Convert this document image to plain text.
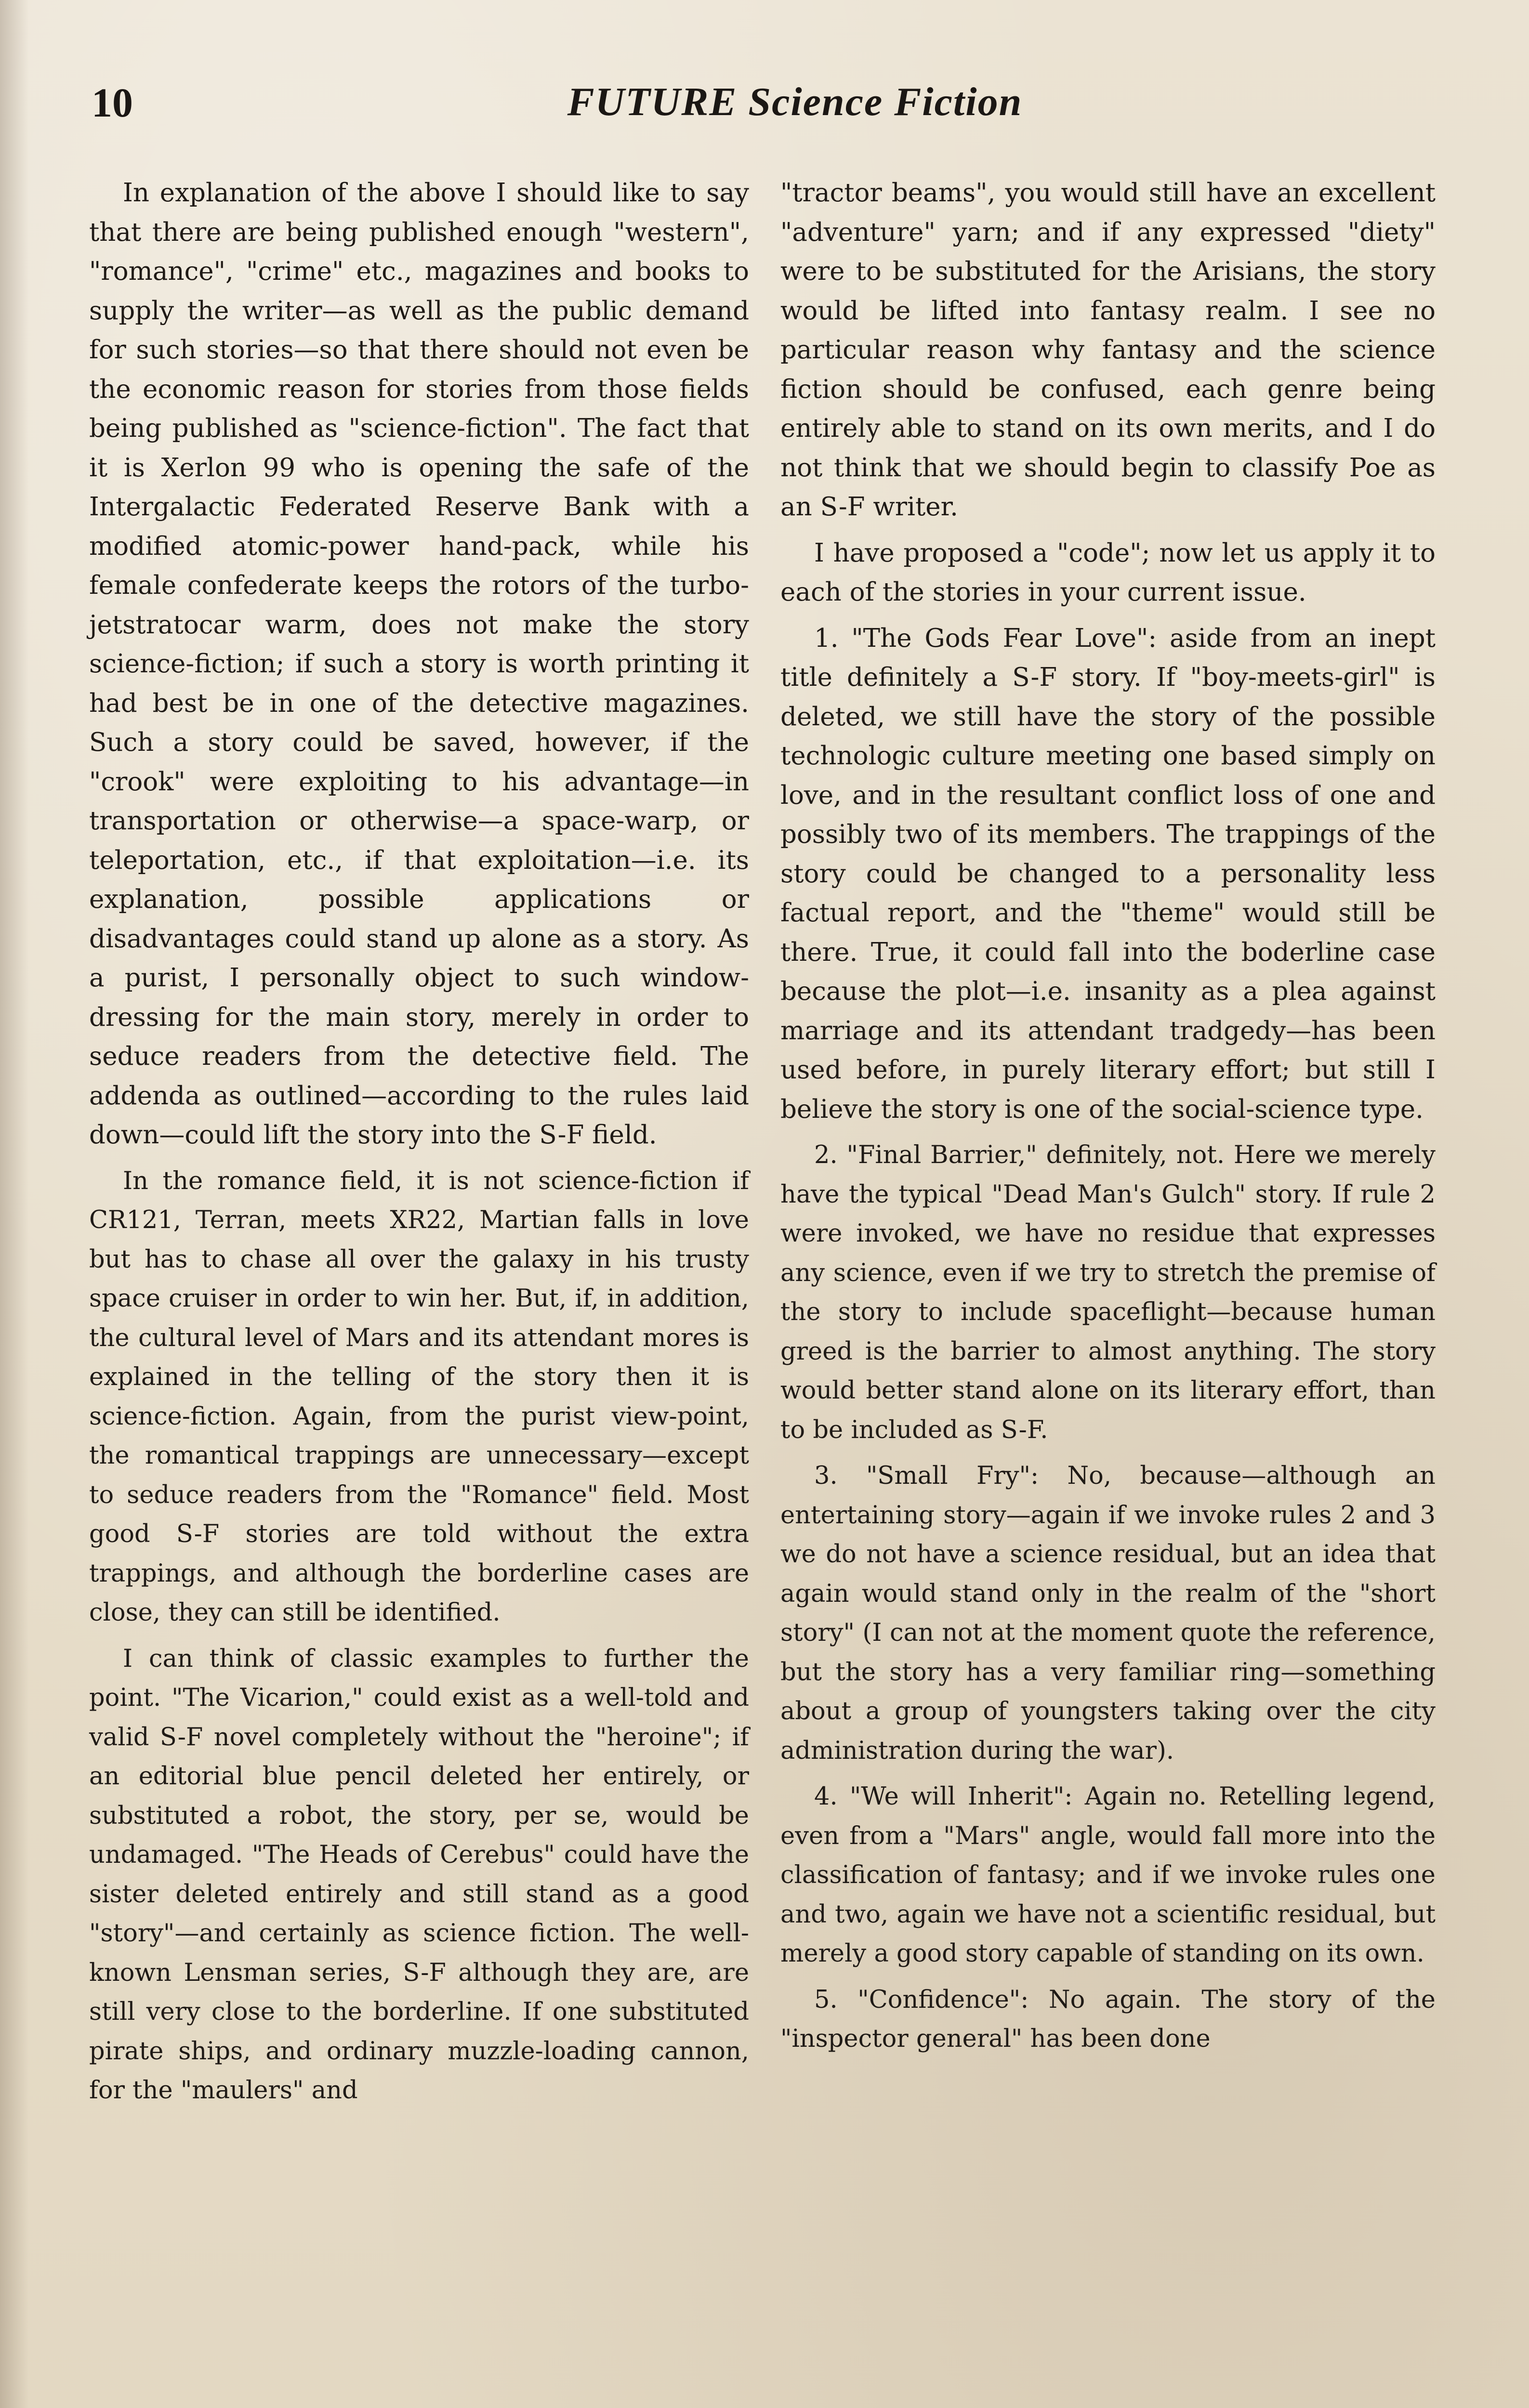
10	FUTURE Science Fiction

In explanation of the above I should like to say that there are being published enough "western", "romance", "crime" etc., magazines and books to supply the writer—as well as the public demand for such stories—so that there should not even be the economic reason for stories from those fields being published as "science-fiction". The fact that it is Xerlon 99 who is opening the safe of the Intergalactic Federated Reserve Bank with a modified atomic-power hand-pack, while his female confederate keeps the rotors of the turbo-jetstratocar warm, does not make the story science-fiction; if such a story is worth printing it had best be in one of the detective magazines. Such a story could be saved, however, if the "crook" were exploiting to his advantage—in transportation or otherwise—a space-warp, or teleportation, etc., if that exploitation—i.e. its explanation, possible applications or disadvantages could stand up alone as a story. As a purist, I personally object to such window-dressing for the main story, merely in order to seduce readers from the detective field. The addenda as outlined—according to the rules laid down—could lift the story into the S-F field.

In the romance field, it is not science-fiction if CR121, Terran, meets XR22, Martian falls in love but has to chase all over the galaxy in his trusty space cruiser in order to win her. But, if, in addition, the cultural level of Mars and its attendant mores is explained in the telling of the story then it is science-fiction. Again, from the purist view-point, the romantical trappings are unnecessary—except to seduce readers from the "Romance" field. Most good S-F stories are told without the extra trappings, and although the borderline cases are close, they can still be identified.

I can think of classic examples to further the point. "The Vicarion," could exist as a well-told and valid S-F novel completely without the "heroine"; if an editorial blue pencil deleted her entirely, or substituted a robot, the story, per se, would be undamaged. "The Heads of Cerebus" could have the sister deleted entirely and still stand as a good "story"—and certainly as science fiction. The well-known Lensman series, S-F although they are, are still very close to the borderline. If one substituted pirate ships, and ordinary muzzle-loading cannon, for the "maulers" and

"tractor beams", you would still have an excellent "adventure" yarn; and if any expressed "diety" were to be substituted for the Arisians, the story would be lifted into fantasy realm. I see no particular reason why fantasy and the science fiction should be confused, each genre being entirely able to stand on its own merits, and I do not think that we should begin to classify Poe as an S-F writer.

I have proposed a "code"; now let us apply it to each of the stories in your current issue.

1. "The Gods Fear Love": aside from an inept title definitely a S-F story. If "boy-meets-girl" is deleted, we still have the story of the possible technologic culture meeting one based simply on love, and in the resultant conflict loss of one and possibly two of its members. The trappings of the story could be changed to a personality less factual report, and the "theme" would still be there. True, it could fall into the boderline case because the plot—i.e. insanity as a plea against marriage and its attendant tradgedy—has been used before, in purely literary effort; but still I believe the story is one of the social-science type.

2. "Final Barrier," definitely, not. Here we merely have the typical "Dead Man's Gulch" story. If rule 2 were invoked, we have no residue that expresses any science, even if we try to stretch the premise of the story to include spaceflight—because human greed is the barrier to almost anything. The story would better stand alone on its literary effort, than to be included as S-F.

3. "Small Fry": No, because—although an entertaining story—again if we invoke rules 2 and 3 we do not have a science residual, but an idea that again would stand only in the realm of the "short story" (I can not at the moment quote the reference, but the story has a very familiar ring—something about a group of youngsters taking over the city administration during the war).

4. "We will Inherit": Again no. Retelling legend, even from a "Mars" angle, would fall more into the classification of fantasy; and if we invoke rules one and two, again we have not a scientific residual, but merely a good story capable of standing on its own.

5. "Confidence": No again. The story of the "inspector general" has been done
